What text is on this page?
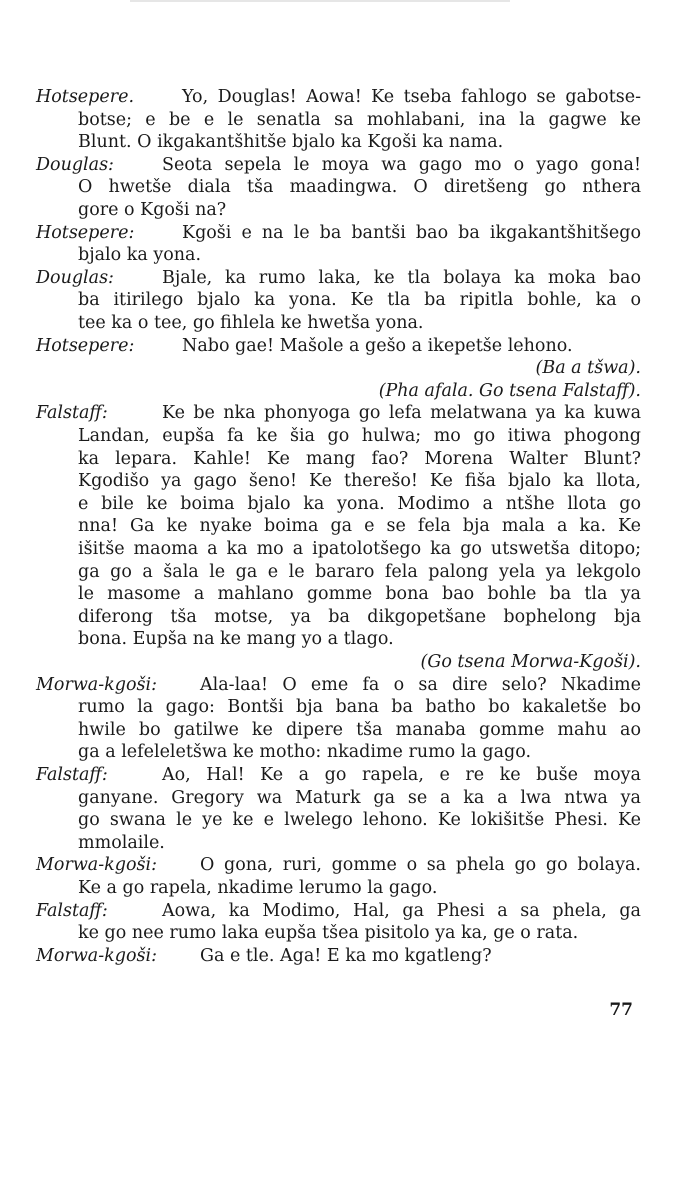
Hotsepere.	Yo, Douglas! Aowa! Ke tseba fahlogo se gabotse-
botse; e be e le senatla sa mohlabani, ina la gagwe ke
Blunt. O ikgakantšhitše bjalo ka Kgoši ka nama.
Douglas:	Seota sepela le moya wa gago mo o yago gona!
O hwetše diala tša maadingwa. O diretšeng go nthera
gore o Kgoši na?
Hotsepere:	Kgoši e na le ba bantši bao ba ikgakantšhitšego
bjalo ka yona.
Douglas:	Bjale, ka rumo laka, ke tla bolaya ka moka bao
ba itirilego bjalo ka yona. Ke tla ba ripitla bohle, ka o
tee ka o tee, go fihlela ke hwetša yona.
Hotsepere:	Nabo gae! Mašole a gešo a ikepetše lehono.
(Ba a tšwa).
(Pha afala. Go tsena Falstaff).
Falstaff:	Ke be nka phonyoga go lefa melatwana ya ka kuwa
Landan, eupša fa ke šia go hulwa; mo go itiwa phogong
ka lepara. Kahle! Ke mang fao? Morena Walter Blunt?
Kgodišo ya gago šeno! Ke therešo! Ke fiša bjalo ka llota,
e bile ke boima bjalo ka yona. Modimo a ntšhe llota go
nna! Ga ke nyake boima ga e se fela bja mala a ka. Ke
išitše maoma a ka mo a ipatolotšego ka go utswetša ditopo;
ga go a šala le ga e le bararo fela palong yela ya lekgolo
le masome a mahlano gomme bona bao bohle ba tla ya
diferong tša motse, ya ba dikgopetšane bophelong bja
bona. Eupša na ke mang yo a tlago.
(Go tsena Morwa-Kgoši).
Morwa-kgoši: Ala-laa! O eme fa o sa dire selo? Nkadime
rumo la gago: Bontši bja bana ba batho bo kakaletše bo
hwile bo gatilwe ke dipere tša manaba gomme mahu ao
ga a lefeleletšwa ke motho: nkadime rumo la gago.
Falstaff:	Ao, Hal! Ke a go rapela, e re ke buše moya
ganyane. Gregory wa Maturk ga se a ka a lwa ntwa ya
go swana le ye ke e lwelego lehono. Ke lokišitše Phesi. Ke
mmolaile.
Morwa-kgoši: O gona, ruri, gomme o sa phela go go bolaya.
Ke a go rapela, nkadime lerumo la gago.
Falstaff:	Aowa, ka Modimo, Hal, ga Phesi a sa phela, ga
ke go nee rumo laka eupša tšea pisitolo ya ka, ge o rata.
Morwa-kgoši: Ga e tle. Aga! E ka mo kgatleng?
77
